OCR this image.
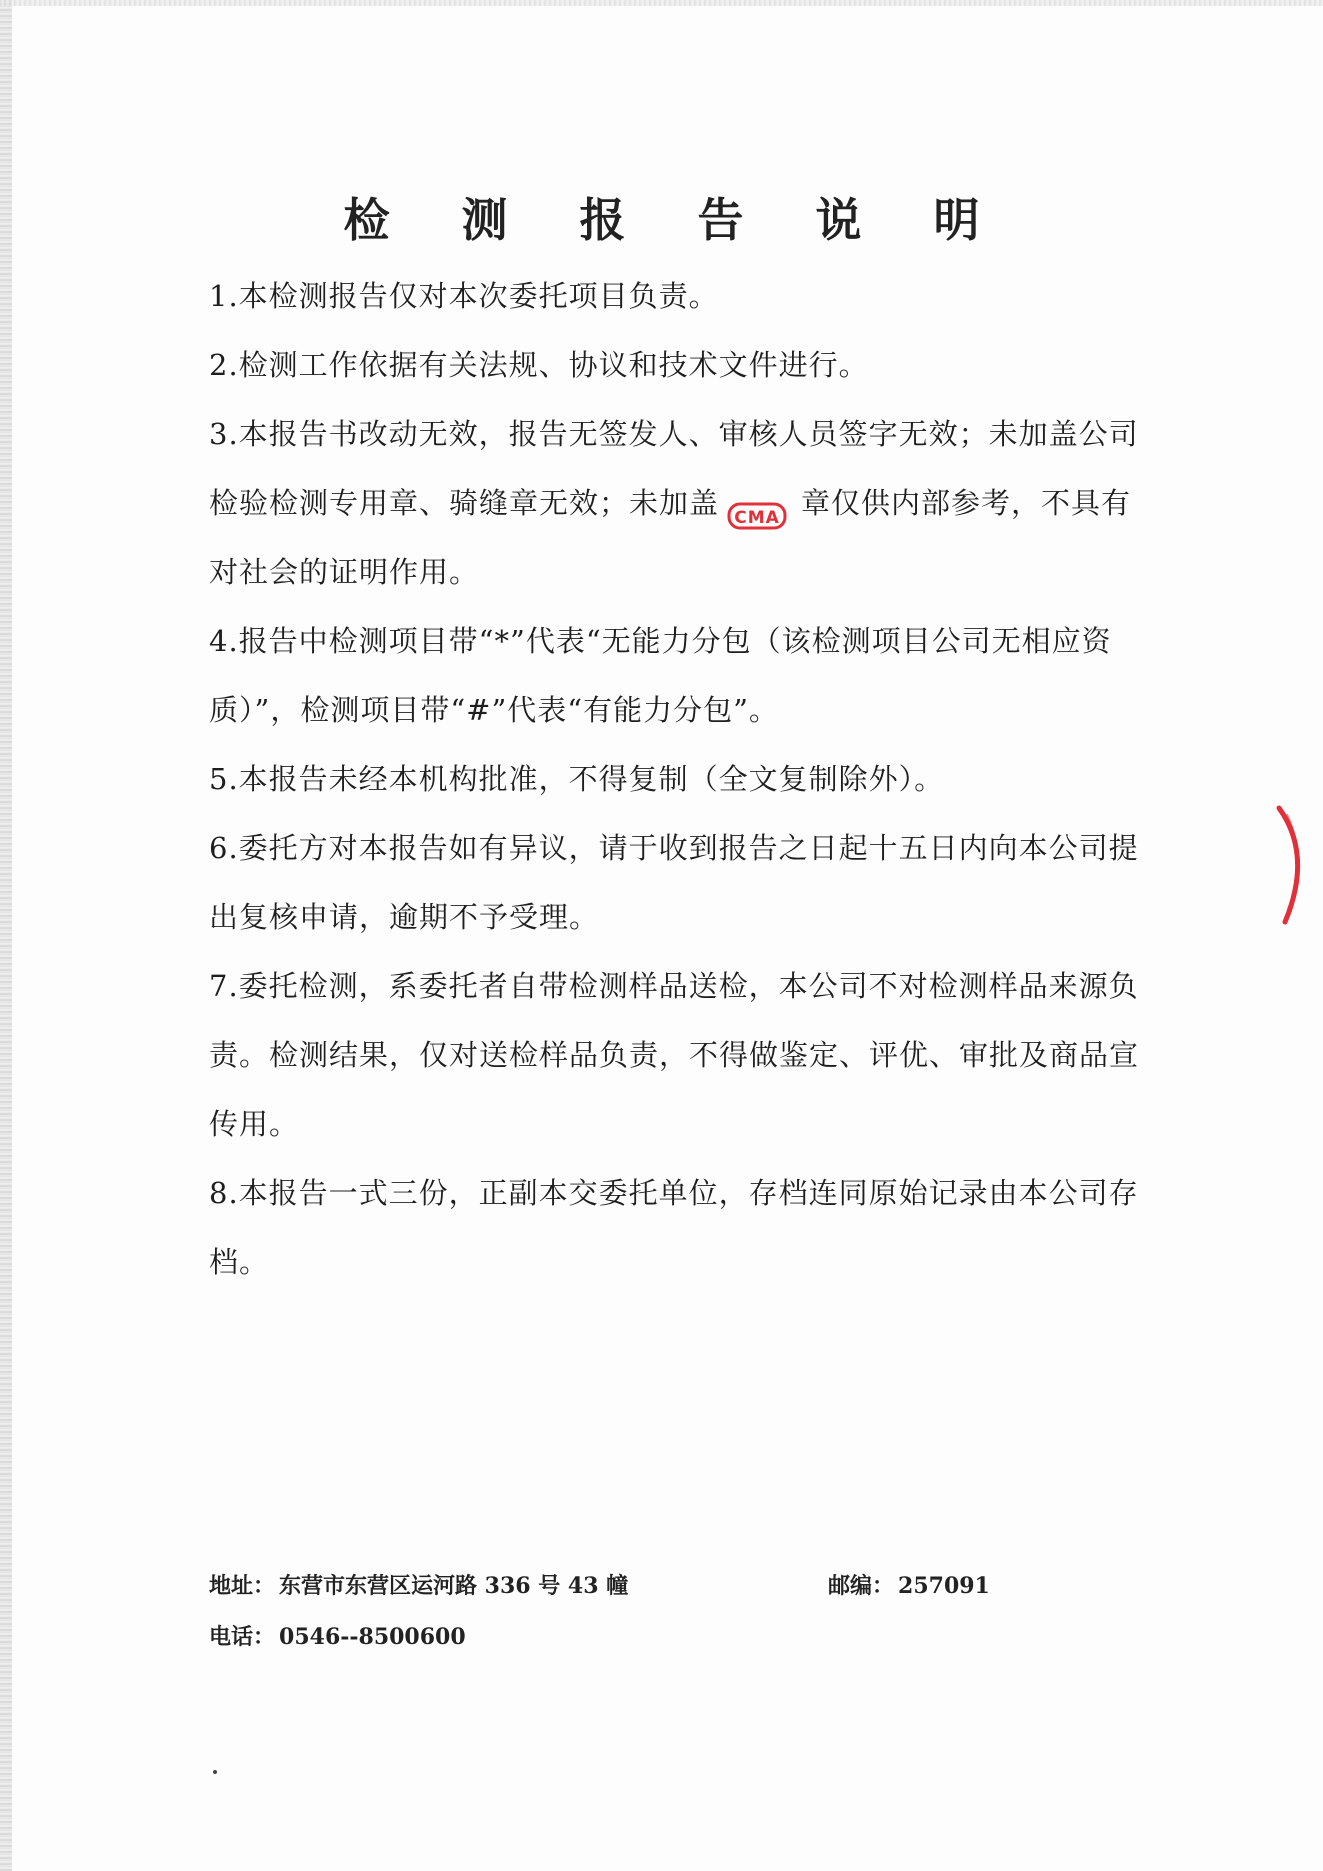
检 测 报 告 说 明

1.本检测报告仅对本次委托项目负责。

2.检测工作依据有关法规、协议和技术文件进行。

3.本报告书改动无效，报告无签发人、审核人员签字无效；未加盖公司检验检测专用章、骑缝章无效；未加盖 CMA 章仅供内部参考，不具有对社会的证明作用。

4.报告中检测项目带“*”代表“无能力分包（该检测项目公司无相应资质）”，检测项目带“#”代表“有能力分包”。

5.本报告未经本机构批准，不得复制（全文复制除外）。

6.委托方对本报告如有异议，请于收到报告之日起十五日内向本公司提出复核申请，逾期不予受理。

7.委托检测，系委托者自带检测样品送检，本公司不对检测样品来源负责。检测结果，仅对送检样品负责，不得做鉴定、评优、审批及商品宣传用。

8.本报告一式三份，正副本交委托单位，存档连同原始记录由本公司存档。

地址： 东营市东营区运河路 336 号 43 幢	邮编： 257091
电话： 0546--8500600
